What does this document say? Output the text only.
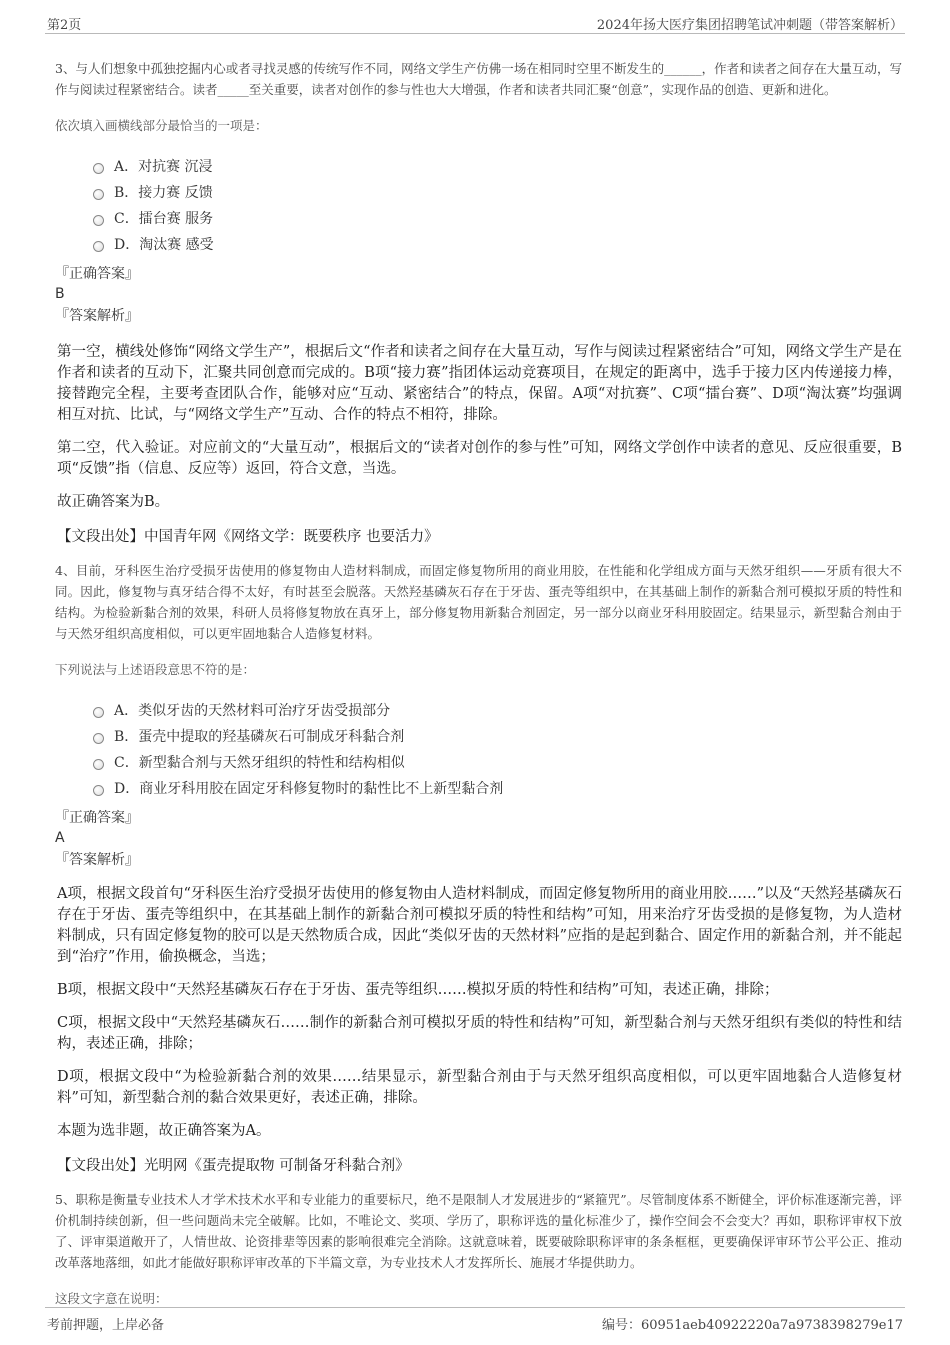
第2页	2024年扬大医疗集团招聘笔试冲刺题（带答案解析）

3、与人们想象中孤独挖掘内心或者寻找灵感的传统写作不同，网络文学生产仿佛一场在相同时空里不断发生的______，作者和读者之间存在大量互动，写作与阅读过程紧密结合。读者_____至关重要，读者对创作的参与性也大大增强，作者和读者共同汇聚“创意”，实现作品的创造、更新和进化。

依次填入画横线部分最恰当的一项是：

A．对抗赛 沉浸
B．接力赛 反馈
C．擂台赛 服务
D．淘汰赛 感受

『正确答案』

B

『答案解析』

第一空，横线处修饰“网络文学生产”，根据后文“作者和读者之间存在大量互动，写作与阅读过程紧密结合”可知，网络文学生产是在作者和读者的互动下，汇聚共同创意而完成的。B项“接力赛”指团体运动竞赛项目，在规定的距离中，选手于接力区内传递接力棒，接替跑完全程，主要考查团队合作，能够对应“互动、紧密结合”的特点，保留。A项“对抗赛”、C项“擂台赛”、D项“淘汰赛”均强调相互对抗、比试，与“网络文学生产”互动、合作的特点不相符，排除。

第二空，代入验证。对应前文的“大量互动”，根据后文的“读者对创作的参与性”可知，网络文学创作中读者的意见、反应很重要，B项“反馈”指（信息、反应等）返回，符合文意，当选。

故正确答案为B。

【文段出处】中国青年网《网络文学：既要秩序 也要活力》

4、目前，牙科医生治疗受损牙齿使用的修复物由人造材料制成，而固定修复物所用的商业用胶，在性能和化学组成方面与天然牙组织——牙质有很大不同。因此，修复物与真牙结合得不太好，有时甚至会脱落。天然羟基磷灰石存在于牙齿、蛋壳等组织中，在其基础上制作的新黏合剂可模拟牙质的特性和结构。为检验新黏合剂的效果，科研人员将修复物放在真牙上，部分修复物用新黏合剂固定，另一部分以商业牙科用胶固定。结果显示，新型黏合剂由于与天然牙组织高度相似，可以更牢固地黏合人造修复材料。

下列说法与上述语段意思不符的是：

A．类似牙齿的天然材料可治疗牙齿受损部分
B．蛋壳中提取的羟基磷灰石可制成牙科黏合剂
C．新型黏合剂与天然牙组织的特性和结构相似
D．商业牙科用胶在固定牙科修复物时的黏性比不上新型黏合剂

『正确答案』

A

『答案解析』

A项，根据文段首句“牙科医生治疗受损牙齿使用的修复物由人造材料制成，而固定修复物所用的商业用胶……”以及“天然羟基磷灰石存在于牙齿、蛋壳等组织中，在其基础上制作的新黏合剂可模拟牙质的特性和结构”可知，用来治疗牙齿受损的是修复物，为人造材料制成，只有固定修复物的胶可以是天然物质合成，因此“类似牙齿的天然材料”应指的是起到黏合、固定作用的新黏合剂，并不能起到“治疗”作用，偷换概念，当选；

B项，根据文段中“天然羟基磷灰石存在于牙齿、蛋壳等组织……模拟牙质的特性和结构”可知，表述正确，排除；

C项，根据文段中“天然羟基磷灰石……制作的新黏合剂可模拟牙质的特性和结构”可知，新型黏合剂与天然牙组织有类似的特性和结构，表述正确，排除；

D项，根据文段中“为检验新黏合剂的效果……结果显示，新型黏合剂由于与天然牙组织高度相似，可以更牢固地黏合人造修复材料”可知，新型黏合剂的黏合效果更好，表述正确，排除。

本题为选非题，故正确答案为A。

【文段出处】光明网《蛋壳提取物 可制备牙科黏合剂》

5、职称是衡量专业技术人才学术技术水平和专业能力的重要标尺，绝不是限制人才发展进步的“紧箍咒”。尽管制度体系不断健全，评价标准逐渐完善，评价机制持续创新，但一些问题尚未完全破解。比如，不唯论文、奖项、学历了，职称评选的量化标准少了，操作空间会不会变大？再如，职称评审权下放了、评审渠道敞开了，人情世故、论资排辈等因素的影响很难完全消除。这就意味着，既要破除职称评审的条条框框，更要确保评审环节公平公正、推动改革落地落细，如此才能做好职称评审改革的下半篇文章，为专业技术人才发挥所长、施展才华提供助力。

这段文字意在说明：

考前押题，上岸必备	编号：60951aeb40922220a7a9738398279e17
